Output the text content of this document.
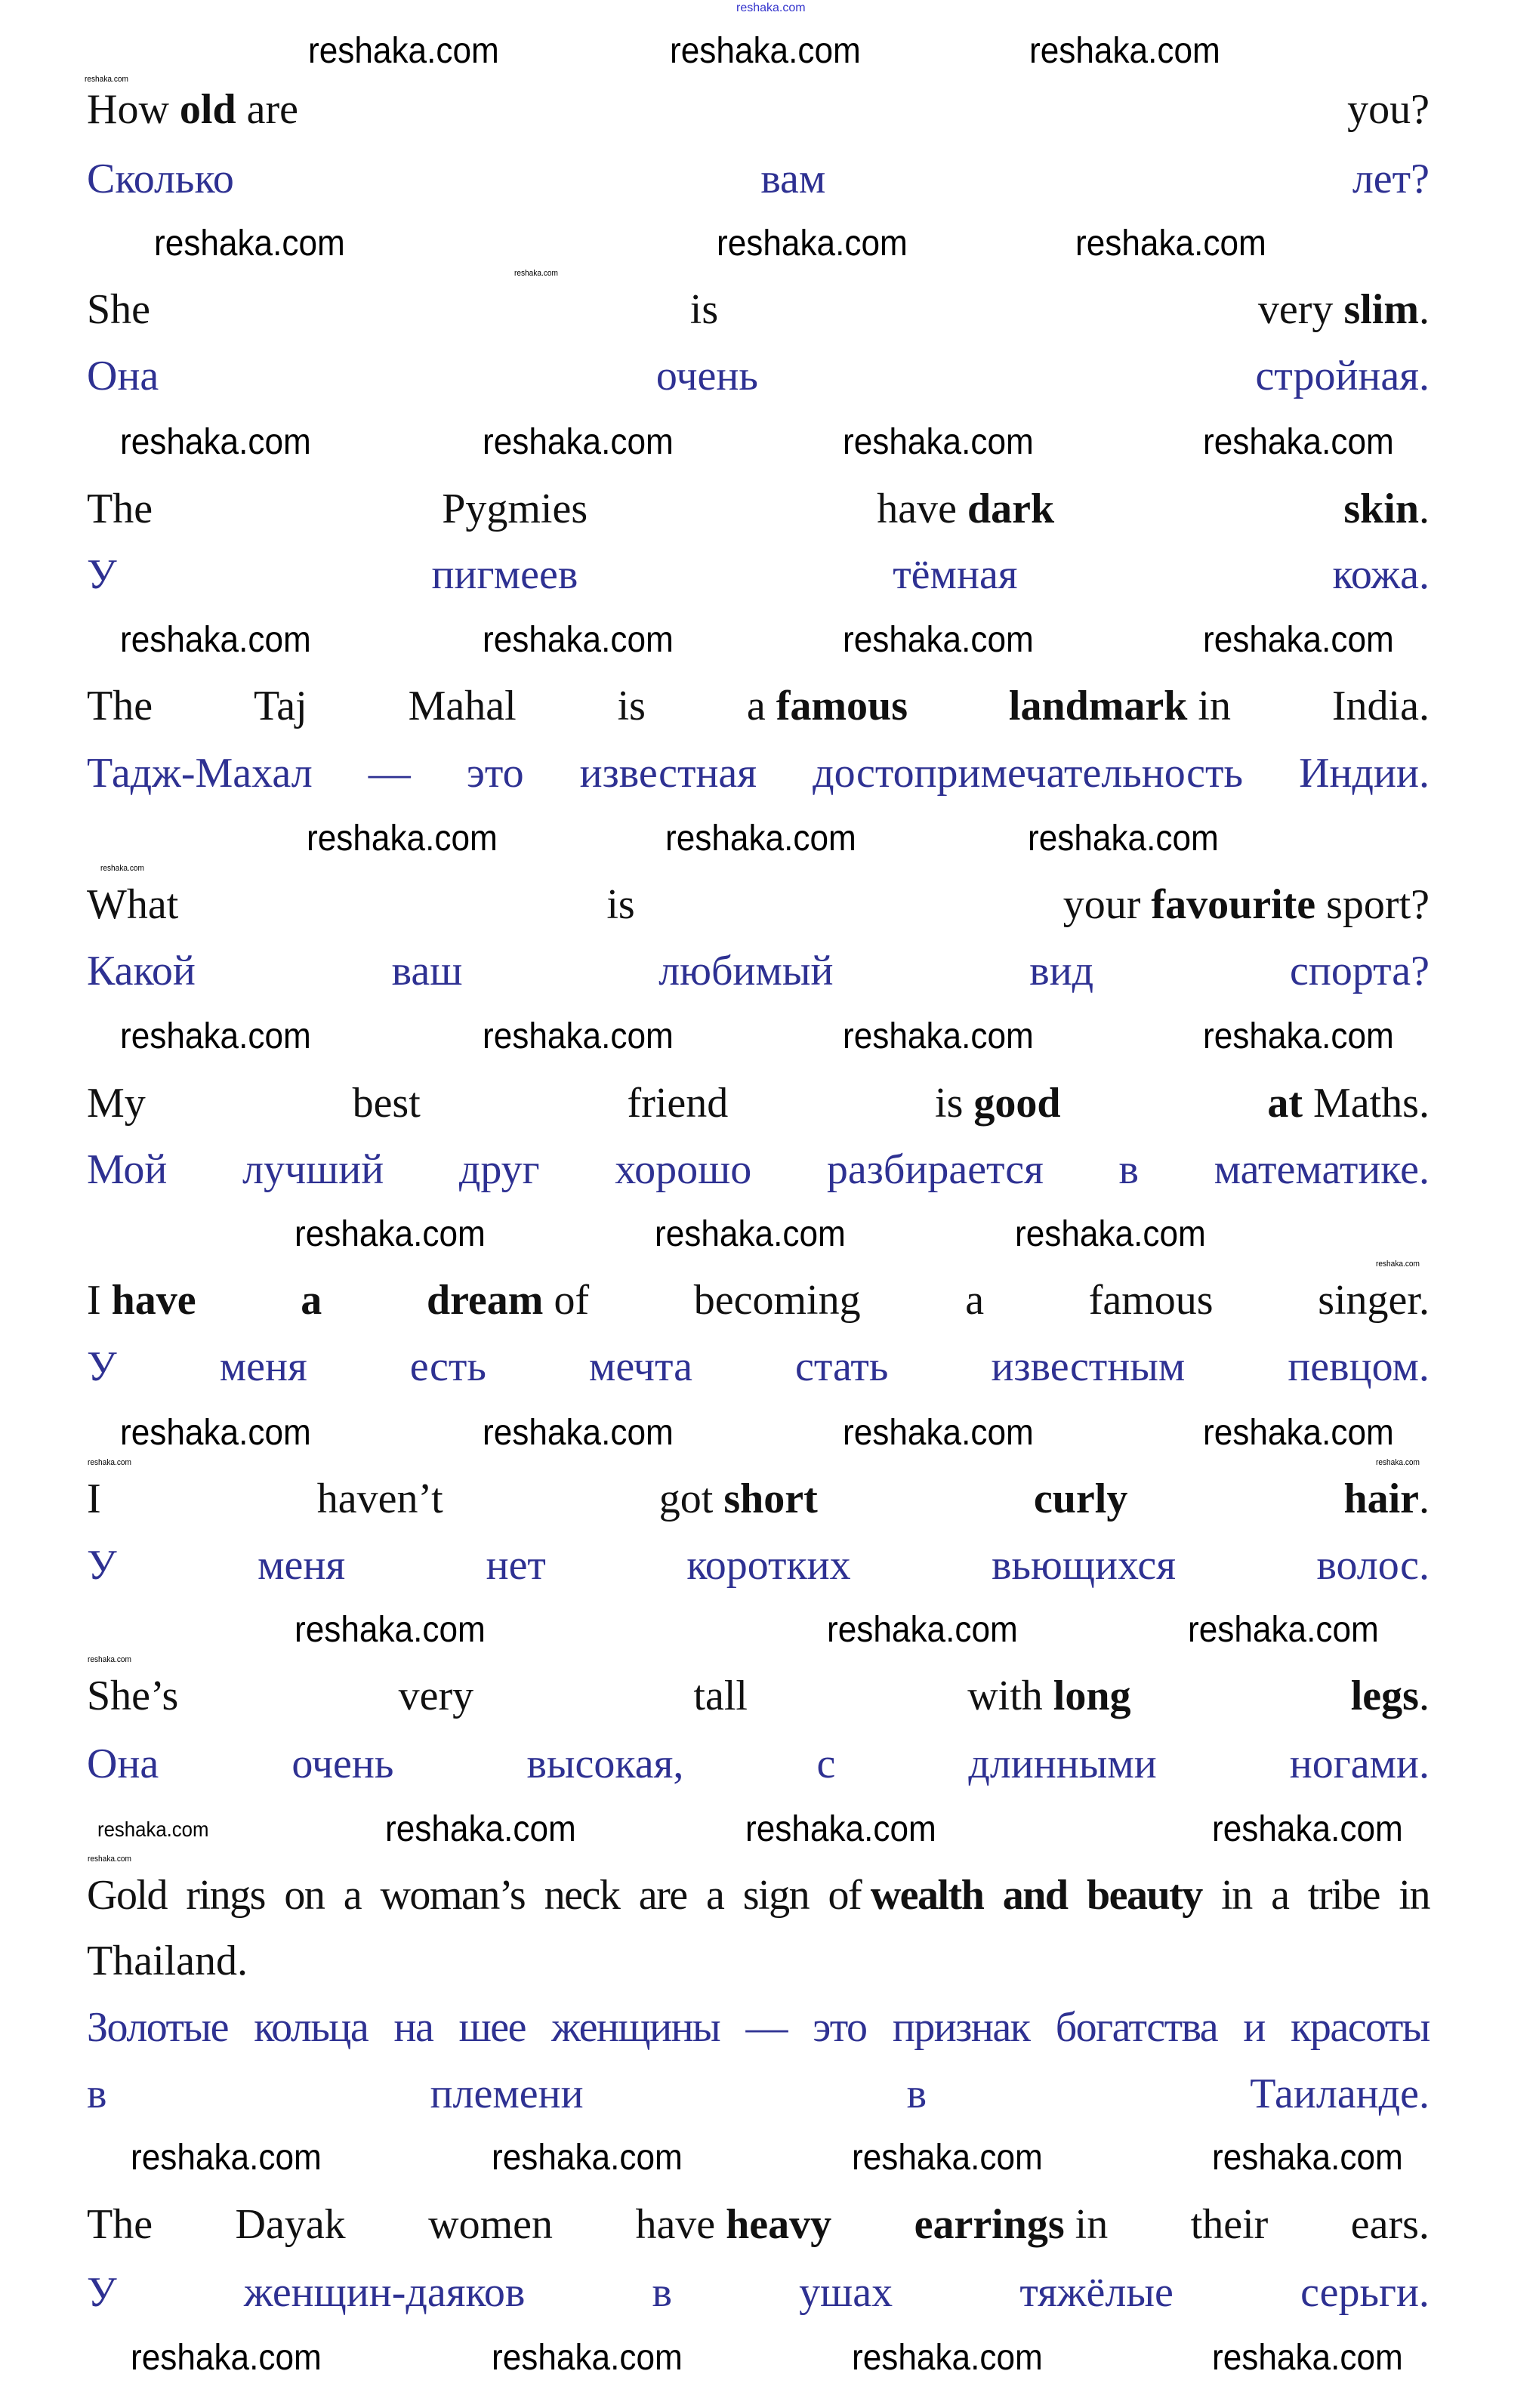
reshaka.com
How old are	you?
Сколько	вам	лет?
She	is	very slim.
Она	очень	стройная.
The	Pygmies	have dark	skin.
У	пигмеев	тёмная	кожа.
The Taj Mahal is a famous landmark in India.
Тадж-Махал — это известная достопримечательность Индии.
What	is	your favourite sport?
Какой	ваш	любимый	вид	спорта?
My	best	friend	is good	at Maths.
Мой лучший друг хорошо разбирается в математике.
I have a dream of becoming a famous singer.
У меня есть мечта стать известным певцом.
I	haven’t	got short	curly	hair.
У	меня	нет	коротких	вьющихся	волос.
She’s	very	tall	with long	legs.
Она	очень	высокая,	с	длинными	ногами.
Gold rings on a woman’s neck are a sign of wealth and beauty in a tribe in
Thailand.
Золотые кольца на шее женщины — это признак богатства и красоты
в	племени	в	Таиланде.
The Dayak women have heavy earrings in their ears.
У	женщин-даяков	в	ушах	тяжёлые	серьги.
reshaka.com	reshaka.com	reshaka.com
reshaka.com
reshaka.com	reshaka.com	reshaka.com
reshaka.com
reshaka.com	reshaka.com	reshaka.com	reshaka.com
reshaka.com	reshaka.com	reshaka.com	reshaka.com
reshaka.com	reshaka.com	reshaka.com
reshaka.com
reshaka.com	reshaka.com	reshaka.com	reshaka.com
reshaka.com	reshaka.com	reshaka.com
reshaka.com
reshaka.com	reshaka.com	reshaka.com	reshaka.com
reshaka.com	reshaka.com
reshaka.com	reshaka.com	reshaka.com
reshaka.com
reshaka.com	reshaka.com	reshaka.com	reshaka.com
reshaka.com
reshaka.com	reshaka.com	reshaka.com	reshaka.com
reshaka.com	reshaka.com	reshaka.com	reshaka.com
